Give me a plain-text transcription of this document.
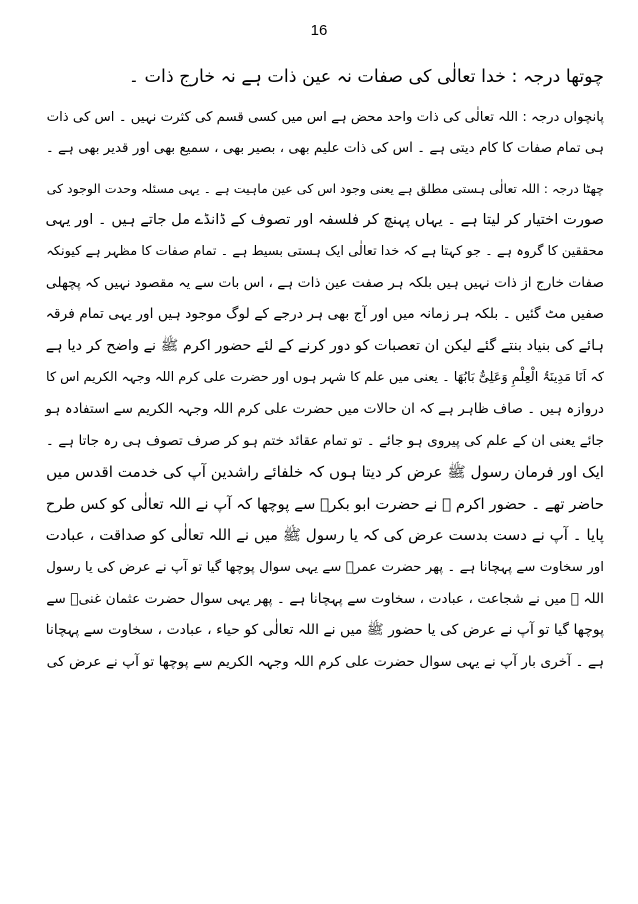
16
چوتھا درجہ : خدا تعالٰی کی صفات نہ عین ذات ہے نہ خارج ذات ۔
پانچواں درجہ : اللہ تعالٰی کی ذات واحد محض ہے اس میں کسی قسم کی کثرت نہیں ۔ اس کی ذات
ہی تمام صفات کا کام دیتی ہے ۔ اس کی ذات علیم بھی ، بصیر بھی ، سمیع بھی اور قدیر بھی ہے ۔
چھٹا درجہ : اللہ تعالٰی ہستی مطلق ہے یعنی وجود اس کی عین ماہیت ہے ۔ یہی مسئلہ وحدت الوجود کی
صورت اختیار کر لیتا ہے ۔ یہاں پہنچ کر فلسفہ اور تصوف کے ڈانڈے مل جاتے ہیں ۔ اور یہی
محققین کا گروہ ہے ۔ جو کہتا ہے کہ خدا تعالٰی ایک ہستی بسیط ہے ۔ تمام صفات کا مظہر ہے کیونکہ
صفات خارج از ذات نہیں ہیں بلکہ ہر صفت عین ذات ہے ، اس بات سے یہ مقصود نہیں کہ پچھلی
صفیں مٹ گئیں ۔ بلکہ ہر زمانہ میں اور آج بھی ہر درجے کے لوگ موجود ہیں اور یہی تمام فرقہ
ہائے کی بنیاد بنتے گئے لیکن ان تعصبات کو دور کرنے کے لئے حضور اکرم ﷺ نے واضح کر دیا ہے
کہ اَنَا مَدِینَۃُ الْعِلْمِ وَعَلِیٌّ بَابُھَا ۔ یعنی میں علم کا شہر ہوں اور حضرت علی کرم اللہ وجہہ الکریم اس کا
دروازہ ہیں ۔ صاف ظاہر ہے کہ ان حالات میں حضرت علی کرم اللہ وجہہ الکریم سے استفادہ ہو
جائے یعنی ان کے علم کی پیروی ہو جائے ۔ تو تمام عقائد ختم ہو کر صرف تصوف ہی رہ جاتا ہے ۔
ایک اور فرمان رسول ﷺ عرض کر دیتا ہوں کہ خلفائے راشدین آپ کی خدمت اقدس میں
حاضر تھے ۔ حضور اکرم ﷺ نے حضرت ابو بکرؓ سے پوچھا کہ آپ نے اللہ تعالٰی کو کس طرح
پایا ۔ آپ نے دست بدست عرض کی کہ یا رسول ﷺ میں نے اللہ تعالٰی کو صداقت ، عبادت
اور سخاوت سے پہچانا ہے ۔ پھر حضرت عمرؓ سے یہی سوال پوچھا گیا تو آپ نے عرض کی یا رسول
اللہ ﷺ میں نے شجاعت ، عبادت ، سخاوت سے پہچانا ہے ۔ پھر یہی سوال حضرت عثمان غنیؓ سے
پوچھا گیا تو آپ نے عرض کی یا حضور ﷺ میں نے اللہ تعالٰی کو حیاء ، عبادت ، سخاوت سے پہچانا
ہے ۔ آخری بار آپ نے یہی سوال حضرت علی کرم اللہ وجہہ الکریم سے پوچھا تو آپ نے عرض کی
